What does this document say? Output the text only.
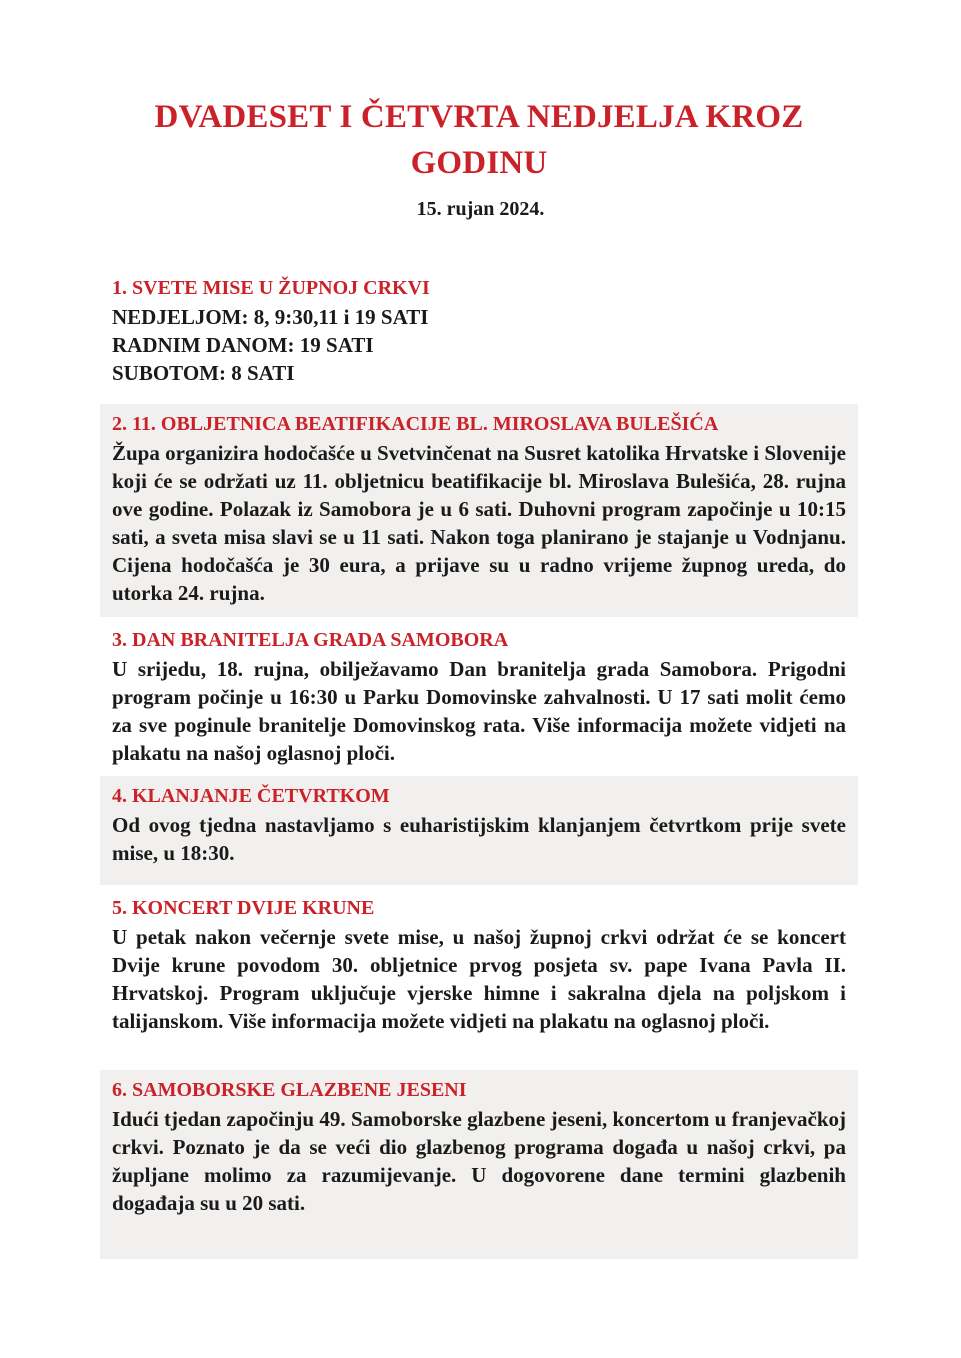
DVADESET I ČETVRTA NEDJELJA KROZ GODINU
15. rujan 2024.
1. SVETE MISE U ŽUPNOJ CRKVI
NEDJELJOM: 8, 9:30,11 i 19 SATI
RADNIM DANOM: 19 SATI
SUBOTOM: 8 SATI
2. 11. OBLJETNICA BEATIFIKACIJE BL. MIROSLAVA BULEŠIĆA
Župa organizira hodočašće u Svetvinčenat na Susret katolika Hrvatske i Slovenije koji će se održati uz 11. obljetnicu beatifikacije bl. Miroslava Bulešića, 28. rujna ove godine. Polazak iz Samobora je u 6 sati. Duhovni program započinje u 10:15 sati, a sveta misa slavi se u 11 sati. Nakon toga planirano je stajanje u Vodnjanu. Cijena hodočašća je 30 eura, a prijave su u radno vrijeme župnog ureda, do utorka 24. rujna.
3. DAN BRANITELJA GRADA SAMOBORA
U srijedu, 18. rujna, obilježavamo Dan branitelja grada Samobora. Prigodni program počinje u 16:30 u Parku Domovinske zahvalnosti. U 17 sati molit ćemo za sve poginule branitelje Domovinskog rata. Više informacija možete vidjeti na plakatu na našoj oglasnoj ploči.
4. KLANJANJE ČETVRTKOM
Od ovog tjedna nastavljamo s euharistijskim klanjanjem četvrtkom prije svete mise, u 18:30.
5. KONCERT DVIJE KRUNE
U petak nakon večernje svete mise, u našoj župnoj crkvi održat će se koncert Dvije krune povodom 30. obljetnice prvog posjeta sv. pape Ivana Pavla II. Hrvatskoj. Program uključuje vjerske himne i sakralna djela na poljskom i talijanskom. Više informacija možete vidjeti na plakatu na oglasnoj ploči.
6. SAMOBORSKE GLAZBENE JESENI
Idući tjedan započinju 49. Samoborske glazbene jeseni, koncertom u franjevačkoj crkvi. Poznato je da se veći dio glazbenog programa događa u našoj crkvi, pa župljane molimo za razumijevanje. U dogovorene dane termini glazbenih događaja su u 20 sati.
